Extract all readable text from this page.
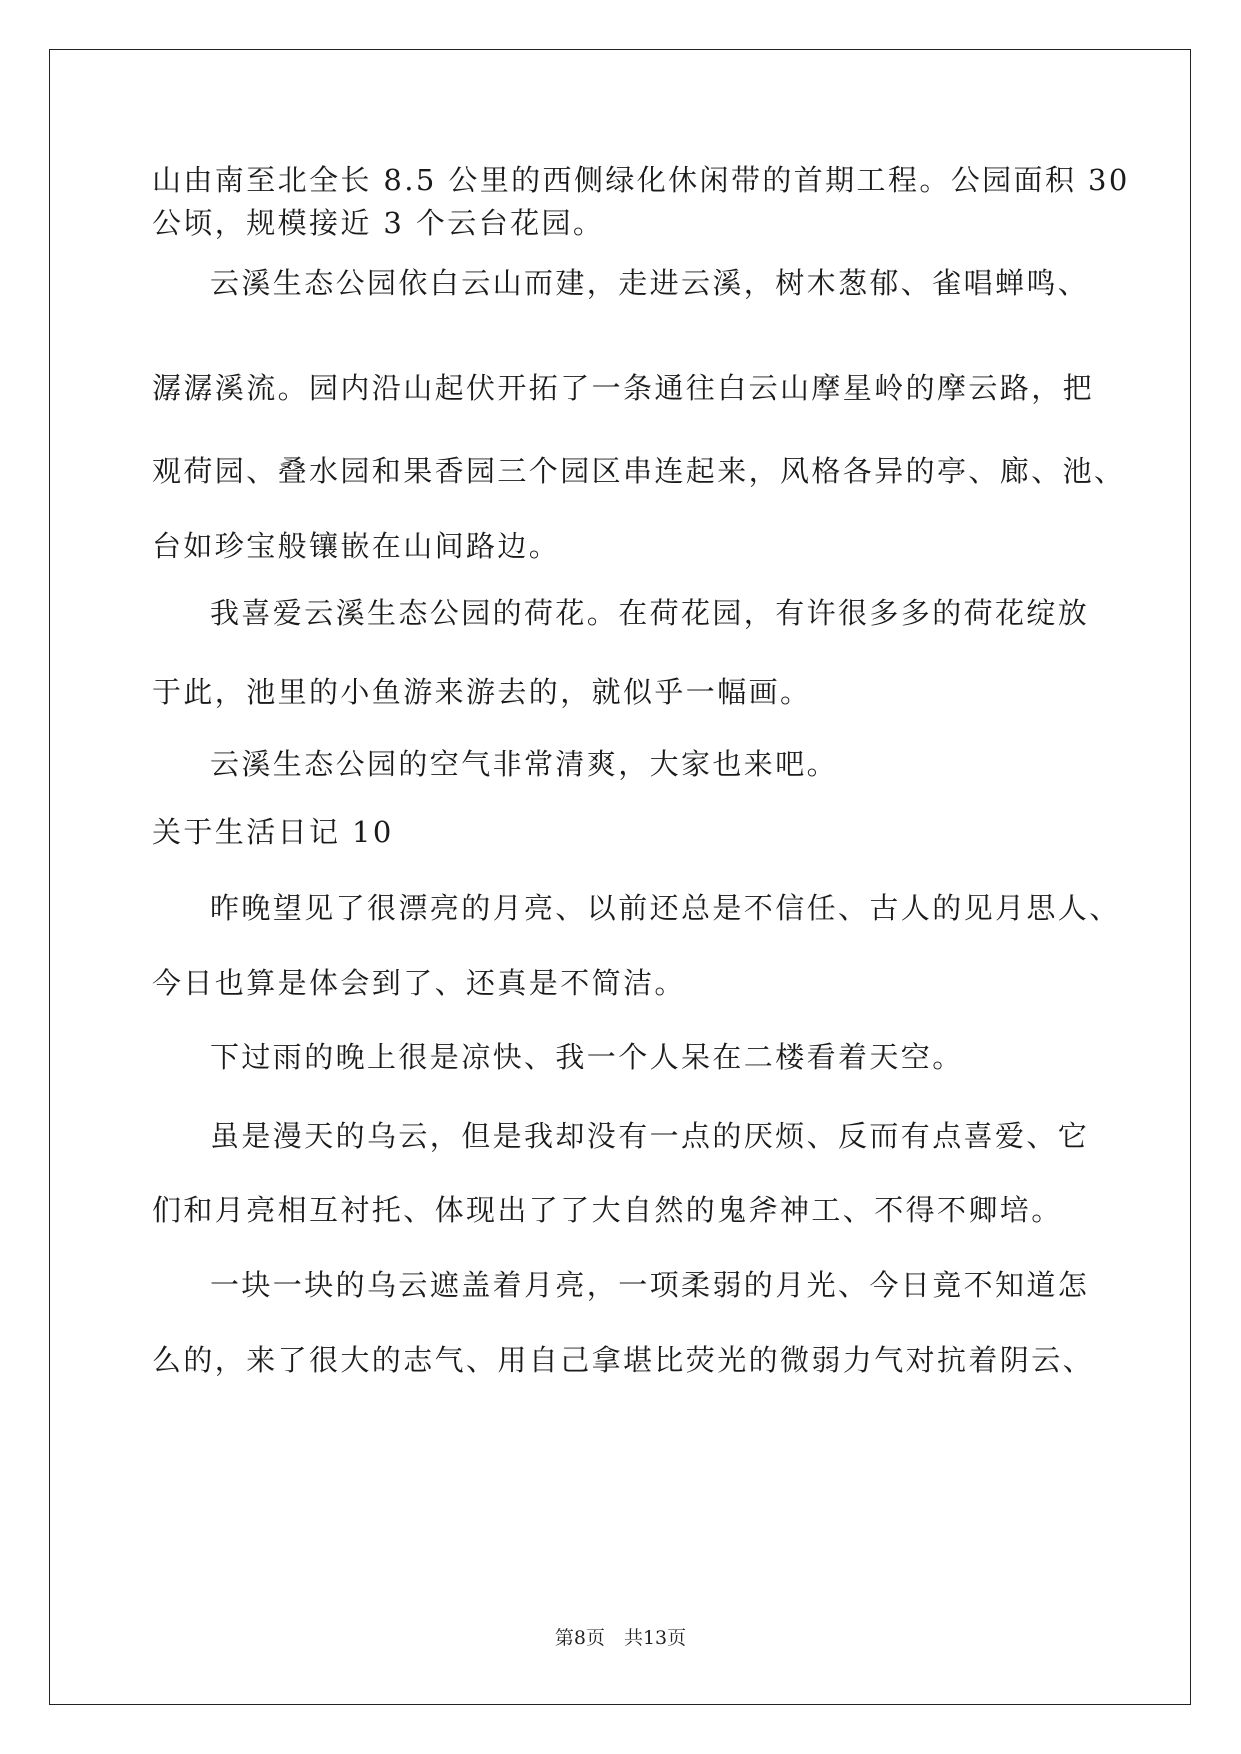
山由南至北全长 8.5 公里的西侧绿化休闲带的首期工程。公园面积 30
公顷，规模接近 3 个云台花园。
云溪生态公园依白云山而建，走进云溪，树木葱郁、雀唱蝉鸣、
潺潺溪流。园内沿山起伏开拓了一条通往白云山摩星岭的摩云路，把
观荷园、叠水园和果香园三个园区串连起来，风格各异的亭、廊、池、
台如珍宝般镶嵌在山间路边。
我喜爱云溪生态公园的荷花。在荷花园，有许很多多的荷花绽放
于此，池里的小鱼游来游去的，就似乎一幅画。
云溪生态公园的空气非常清爽，大家也来吧。
关于生活日记 10
昨晚望见了很漂亮的月亮、以前还总是不信任、古人的见月思人、
今日也算是体会到了、还真是不简洁。
下过雨的晚上很是凉快、我一个人呆在二楼看着天空。
虽是漫天的乌云，但是我却没有一点的厌烦、反而有点喜爱、它
们和月亮相互衬托、体现出了了大自然的鬼斧神工、不得不卿培。
一块一块的乌云遮盖着月亮，一项柔弱的月光、今日竟不知道怎
么的，来了很大的志气、用自己拿堪比荧光的微弱力气对抗着阴云、
第8页　共13页
